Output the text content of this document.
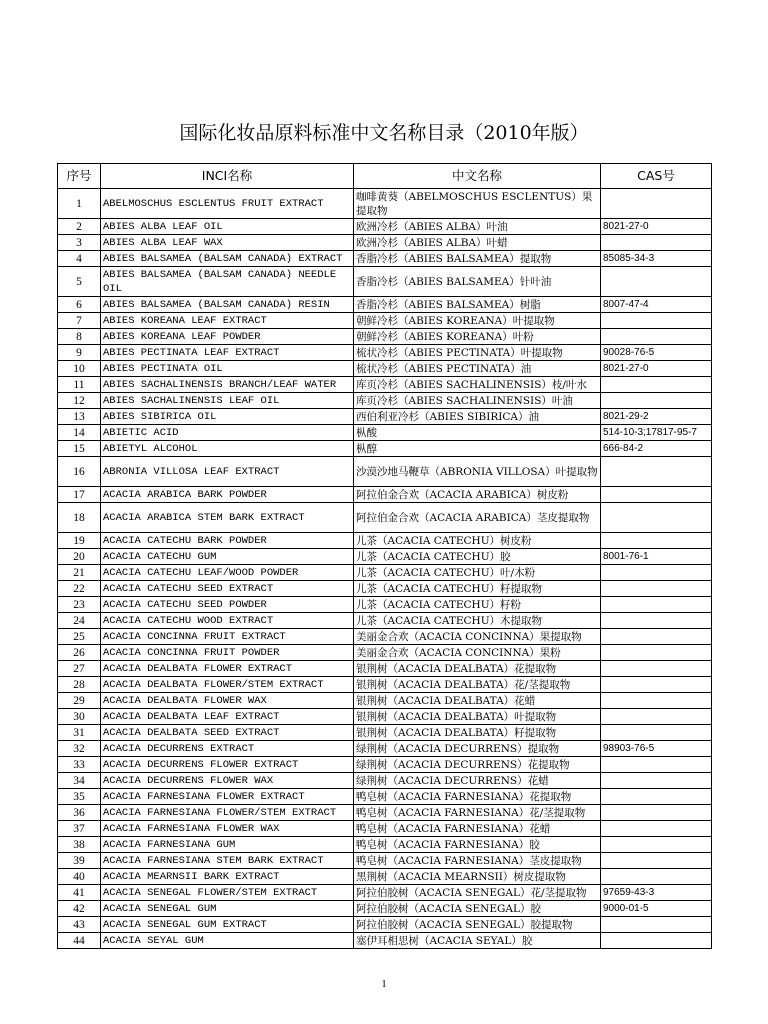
国际化妆品原料标准中文名称目录（2010年版）
序号	INCI名称	中文名称	CAS号
1	ABELMOSCHUS ESCLENTUS FRUIT EXTRACT	咖啡黄葵（ABELMOSCHUS ESCLENTUS）果提取物	
2	ABIES ALBA LEAF OIL	欧洲冷杉（ABIES ALBA）叶油	8021-27-0
3	ABIES ALBA LEAF WAX	欧洲冷杉（ABIES ALBA）叶蜡	
4	ABIES BALSAMEA (BALSAM CANADA) EXTRACT	香脂冷杉（ABIES BALSAMEA）提取物	85085-34-3
5	ABIES BALSAMEA (BALSAM CANADA) NEEDLE OIL	香脂冷杉（ABIES BALSAMEA）针叶油	
6	ABIES BALSAMEA (BALSAM CANADA) RESIN	香脂冷杉（ABIES BALSAMEA）树脂	8007-47-4
7	ABIES KOREANA LEAF EXTRACT	朝鲜冷杉（ABIES KOREANA）叶提取物	
8	ABIES KOREANA LEAF POWDER	朝鲜冷杉（ABIES KOREANA）叶粉	
9	ABIES PECTINATA LEAF EXTRACT	梳状冷杉（ABIES PECTINATA）叶提取物	90028-76-5
10	ABIES PECTINATA OIL	梳状冷杉（ABIES PECTINATA）油	8021-27-0
11	ABIES SACHALINENSIS BRANCH/LEAF WATER	库页冷杉（ABIES SACHALINENSIS）枝/叶水	
12	ABIES SACHALINENSIS LEAF OIL	库页冷杉（ABIES SACHALINENSIS）叶油	
13	ABIES SIBIRICA OIL	西伯利亚冷杉（ABIES SIBIRICA）油	8021-29-2
14	ABIETIC ACID	枞酸	514-10-3;17817-95-7
15	ABIETYL ALCOHOL	枞醇	666-84-2
16	ABRONIA VILLOSA LEAF EXTRACT	沙漠沙地马鞭草（ABRONIA VILLOSA）叶提取物	
17	ACACIA ARABICA BARK POWDER	阿拉伯金合欢（ACACIA ARABICA）树皮粉	
18	ACACIA ARABICA STEM BARK EXTRACT	阿拉伯金合欢（ACACIA ARABICA）茎皮提取物	
19	ACACIA CATECHU BARK POWDER	儿茶（ACACIA CATECHU）树皮粉	
20	ACACIA CATECHU GUM	儿茶（ACACIA CATECHU）胶	8001-76-1
21	ACACIA CATECHU LEAF/WOOD POWDER	儿茶（ACACIA CATECHU）叶/木粉	
22	ACACIA CATECHU SEED EXTRACT	儿茶（ACACIA CATECHU）籽提取物	
23	ACACIA CATECHU SEED POWDER	儿茶（ACACIA CATECHU）籽粉	
24	ACACIA CATECHU WOOD EXTRACT	儿茶（ACACIA CATECHU）木提取物	
25	ACACIA CONCINNA FRUIT EXTRACT	美丽金合欢（ACACIA CONCINNA）果提取物	
26	ACACIA CONCINNA FRUIT POWDER	美丽金合欢（ACACIA CONCINNA）果粉	
27	ACACIA DEALBATA FLOWER EXTRACT	银荆树（ACACIA DEALBATA）花提取物	
28	ACACIA DEALBATA FLOWER/STEM EXTRACT	银荆树（ACACIA DEALBATA）花/茎提取物	
29	ACACIA DEALBATA FLOWER WAX	银荆树（ACACIA DEALBATA）花蜡	
30	ACACIA DEALBATA LEAF EXTRACT	银荆树（ACACIA DEALBATA）叶提取物	
31	ACACIA DEALBATA SEED EXTRACT	银荆树（ACACIA DEALBATA）籽提取物	
32	ACACIA DECURRENS EXTRACT	绿荆树（ACACIA DECURRENS）提取物	98903-76-5
33	ACACIA DECURRENS FLOWER EXTRACT	绿荆树（ACACIA DECURRENS）花提取物	
34	ACACIA DECURRENS FLOWER WAX	绿荆树（ACACIA DECURRENS）花蜡	
35	ACACIA FARNESIANA FLOWER EXTRACT	鸭皂树（ACACIA FARNESIANA）花提取物	
36	ACACIA FARNESIANA FLOWER/STEM EXTRACT	鸭皂树（ACACIA FARNESIANA）花/茎提取物	
37	ACACIA FARNESIANA FLOWER WAX	鸭皂树（ACACIA FARNESIANA）花蜡	
38	ACACIA FARNESIANA GUM	鸭皂树（ACACIA FARNESIANA）胶	
39	ACACIA FARNESIANA STEM BARK EXTRACT	鸭皂树（ACACIA FARNESIANA）茎皮提取物	
40	ACACIA MEARNSII BARK EXTRACT	黑荆树（ACACIA MEARNSII）树皮提取物	
41	ACACIA SENEGAL FLOWER/STEM EXTRACT	阿拉伯胶树（ACACIA SENEGAL）花/茎提取物	97659-43-3
42	ACACIA SENEGAL GUM	阿拉伯胶树（ACACIA SENEGAL）胶	9000-01-5
43	ACACIA SENEGAL GUM EXTRACT	阿拉伯胶树（ACACIA SENEGAL）胶提取物	
44	ACACIA SEYAL GUM	塞伊耳相思树（ACACIA SEYAL）胶	
1
